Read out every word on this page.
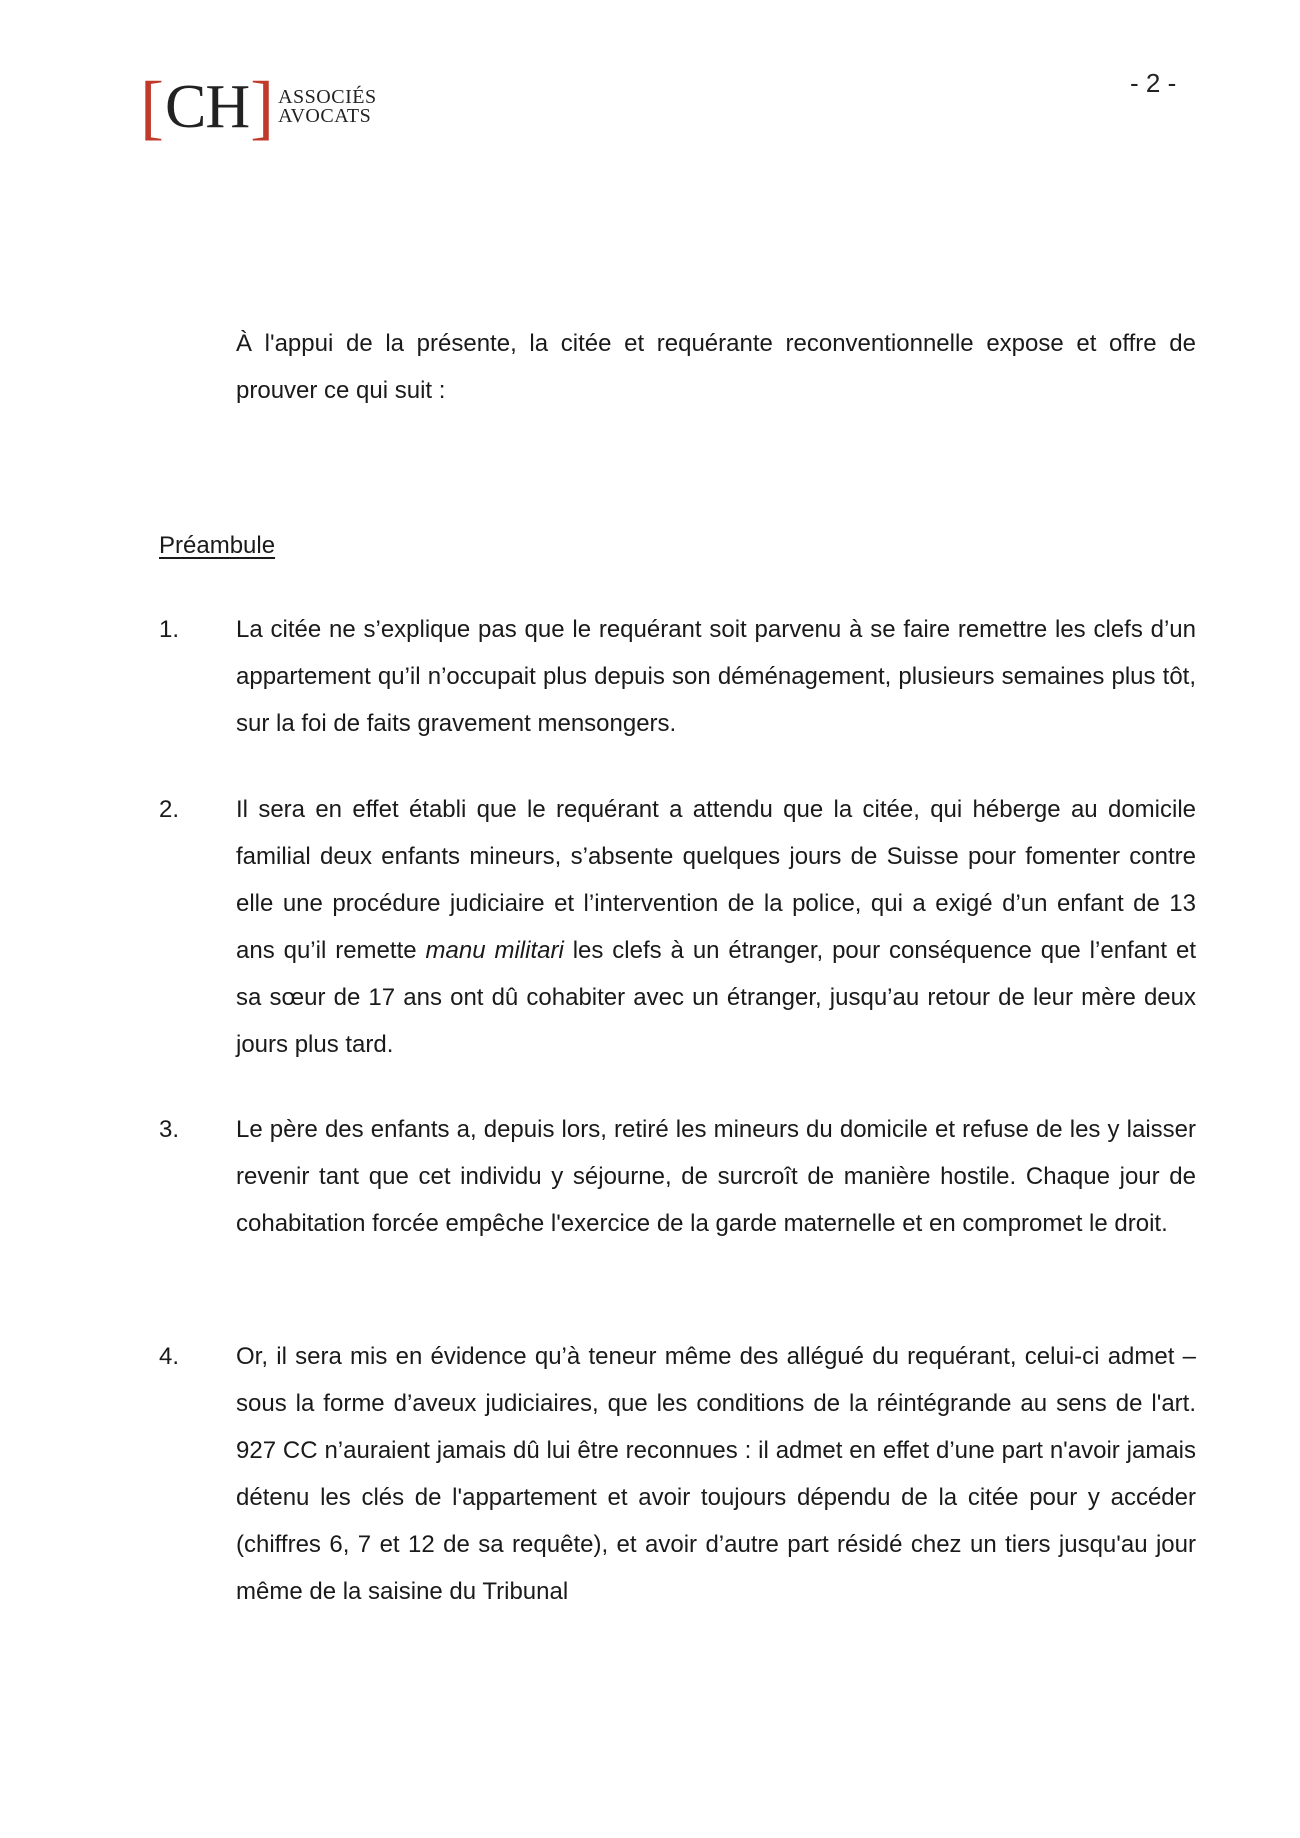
[ CH ] ASSOCIÉS
AVOCATS
- 2 -
À l'appui de la présente, la citée et requérante reconventionnelle expose et offre de prouver ce qui suit :
Préambule
1.	La citée ne s’explique pas que le requérant soit parvenu à se faire remettre les clefs d’un appartement qu’il n’occupait plus depuis son déménagement, plusieurs semaines plus tôt, sur la foi de faits gravement mensongers.
2.	Il sera en effet établi que le requérant a attendu que la citée, qui héberge au domicile familial deux enfants mineurs, s’absente quelques jours de Suisse pour fomenter contre elle une procédure judiciaire et l’intervention de la police, qui a exigé d’un enfant de 13 ans qu’il remette manu militari les clefs à un étranger, pour conséquence que l’enfant et sa sœur de 17 ans ont dû cohabiter avec un étranger, jusqu’au retour de leur mère deux jours plus tard.
3.	Le père des enfants a, depuis lors, retiré les mineurs du domicile et refuse de les y laisser revenir tant que cet individu y séjourne, de surcroît de manière hostile. Chaque jour de cohabitation forcée empêche l'exercice de la garde maternelle et en compromet le droit.
4.	Or, il sera mis en évidence qu’à teneur même des allégué du requérant, celui-ci admet – sous la forme d’aveux judiciaires, que les conditions de la réintégrande au sens de l'art. 927 CC n’auraient jamais dû lui être reconnues : il admet en effet d’une part n'avoir jamais détenu les clés de l'appartement et avoir toujours dépendu de la citée pour y accéder (chiffres 6, 7 et 12 de sa requête), et avoir d’autre part résidé chez un tiers jusqu'au jour même de la saisine du Tribunal
